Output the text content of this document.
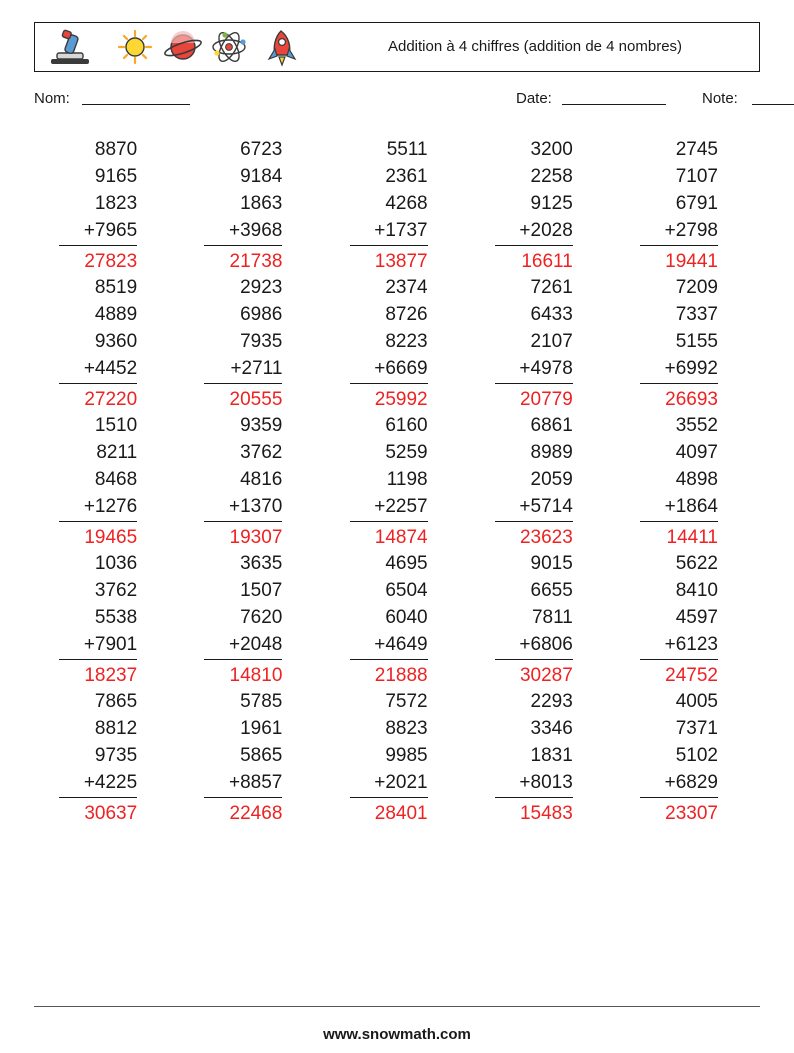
Addition à 4 chiffres (addition de 4 nombres)
Nom:	Date:	Note:
8870
9165
1823
+7965
27823
6723
9184
1863
+3968
21738
5511
2361
4268
+1737
13877
3200
2258
9125
+2028
16611
2745
7107
6791
+2798
19441
8519
4889
9360
+4452
27220
2923
6986
7935
+2711
20555
2374
8726
8223
+6669
25992
7261
6433
2107
+4978
20779
7209
7337
5155
+6992
26693
1510
8211
8468
+1276
19465
9359
3762
4816
+1370
19307
6160
5259
1198
+2257
14874
6861
8989
2059
+5714
23623
3552
4097
4898
+1864
14411
1036
3762
5538
+7901
18237
3635
1507
7620
+2048
14810
4695
6504
6040
+4649
21888
9015
6655
7811
+6806
30287
5622
8410
4597
+6123
24752
7865
8812
9735
+4225
30637
5785
1961
5865
+8857
22468
7572
8823
9985
+2021
28401
2293
3346
1831
+8013
15483
4005
7371
5102
+6829
23307
www.snowmath.com
